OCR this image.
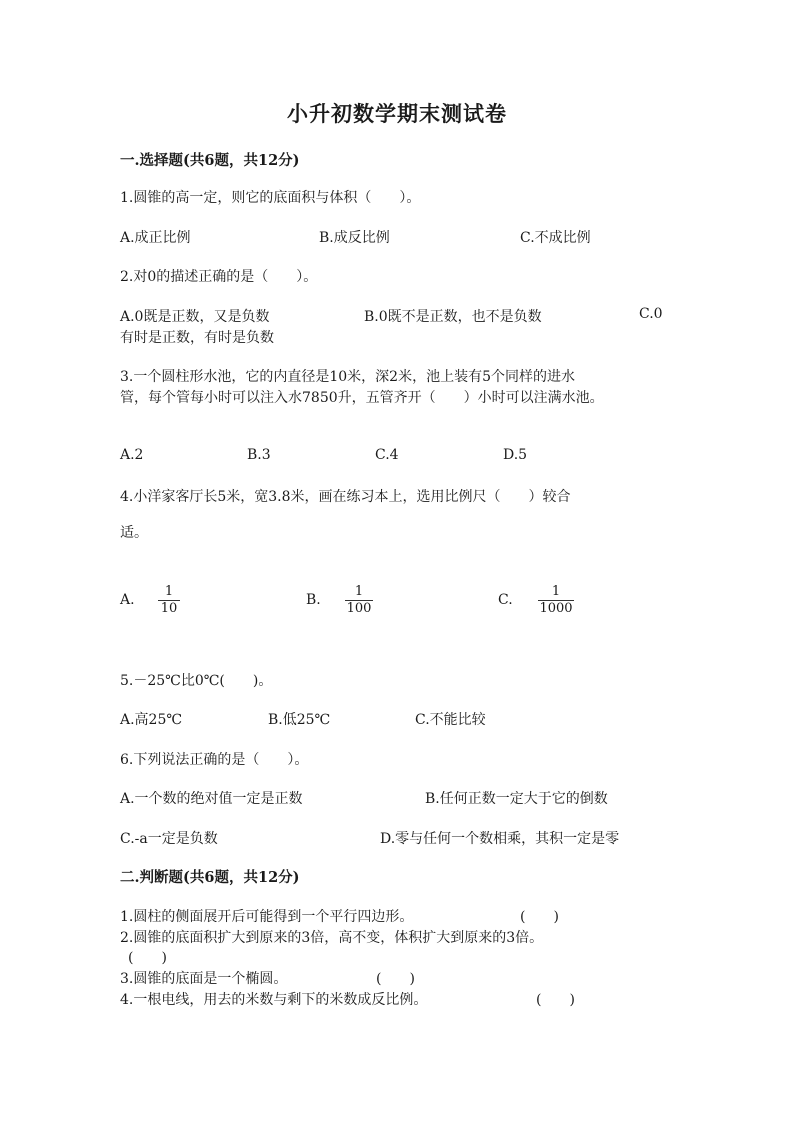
小升初数学期末测试卷
一.选择题(共6题，共12分)
1.圆锥的高一定，则它的底面积与体积（　　）。
A.成正比例	B.成反比例	C.不成比例
2.对0的描述正确的是（　　）。
A.0既是正数，又是负数	B.0既不是正数，也不是负数	C.0
有时是正数，有时是负数
3.一个圆柱形水池，它的内直径是10米，深2米，池上装有5个同样的进水
管，每个管每小时可以注入水7850升，五管齐开（　　）小时可以注满水池。
A.2	B.3	C.4	D.5
4.小洋家客厅长5米，宽3.8米，画在练习本上，选用比例尺（　　）较合
适。
A.
1
10
B.
1
100
C.
1
1000
5.－25℃比0℃(　　)。
A.高25℃	B.低25℃	C.不能比较
6.下列说法正确的是（　　）。
A.一个数的绝对值一定是正数	B.任何正数一定大于它的倒数
C.-a一定是负数	D.零与任何一个数相乘，其积一定是零
二.判断题(共6题，共12分)
1.圆柱的侧面展开后可能得到一个平行四边形。	(　　)
2.圆锥的底面积扩大到原来的3倍，高不变，体积扩大到原来的3倍。
(　　)
3.圆锥的底面是一个椭圆。	(　　)
4.一根电线，用去的米数与剩下的米数成反比例。	(　　)
